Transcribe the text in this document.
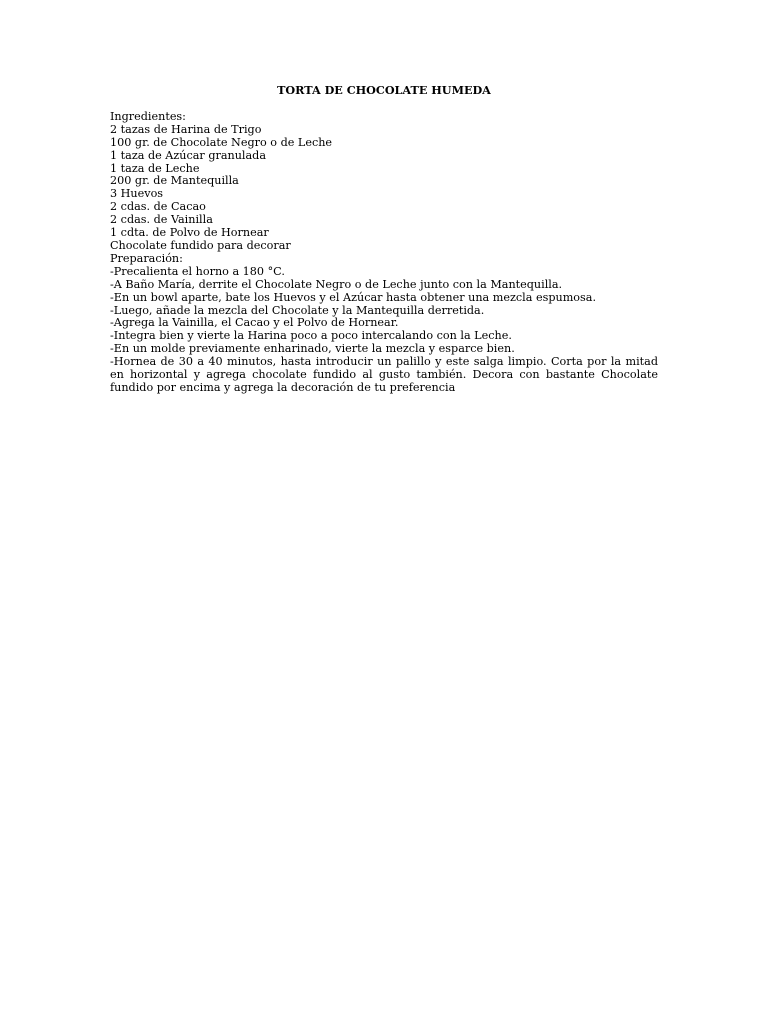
TORTA DE CHOCOLATE HUMEDA
Ingredientes:
2 tazas de Harina de Trigo
100 gr. de Chocolate Negro o de Leche
1 taza de Azúcar granulada
1 taza de Leche
200 gr. de Mantequilla
3 Huevos
2 cdas. de Cacao
2 cdas. de Vainilla
1 cdta. de Polvo de Hornear
Chocolate fundido para decorar
Preparación:
-Precalienta el horno a 180 °C.
-A Baño María, derrite el Chocolate Negro o de Leche junto con la Mantequilla.
-En un bowl aparte, bate los Huevos y el Azúcar hasta obtener una mezcla espumosa.
-Luego, añade la mezcla del Chocolate y la Mantequilla derretida.
-Agrega la Vainilla, el Cacao y el Polvo de Hornear.
-Integra bien y vierte la Harina poco a poco intercalando con la Leche.
-En un molde previamente enharinado, vierte la mezcla y esparce bien.
-Hornea de 30 a 40 minutos, hasta introducir un palillo y este salga limpio. Corta por la mitad en horizontal y agrega chocolate fundido al gusto también. Decora con bastante Chocolate fundido por encima y agrega la decoración de tu preferencia
